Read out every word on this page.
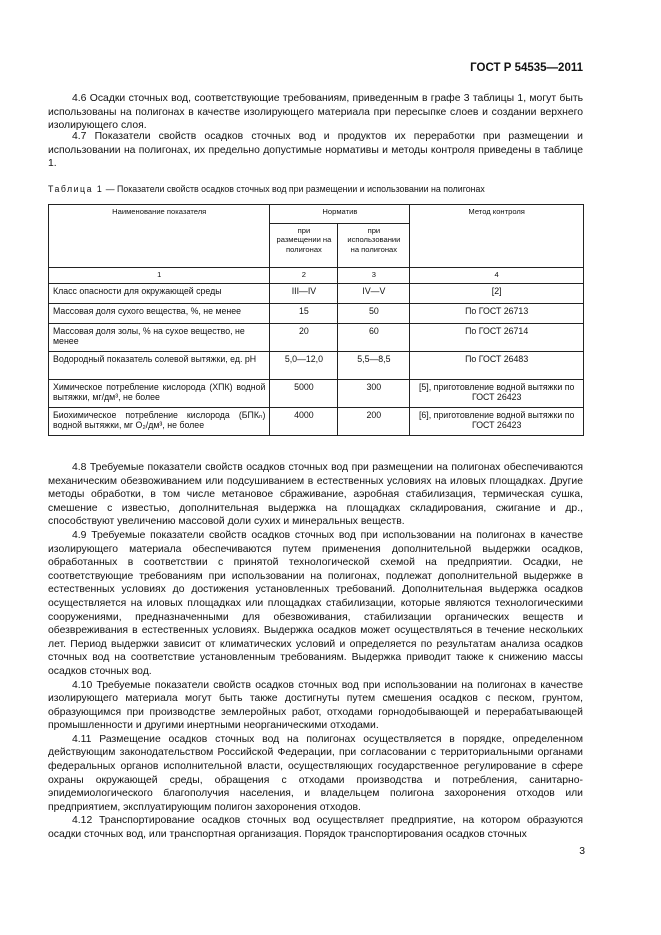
ГОСТ Р 54535—2011

4.6 Осадки сточных вод, соответствующие требованиям, приведенным в графе 3 таблицы 1, могут быть использованы на полигонах в качестве изолирующего материала при пересыпке слоев и создании верхнего изолирующего слоя.

4.7 Показатели свойств осадков сточных вод и продуктов их переработки при размещении и использовании на полигонах, их предельно допустимые нормативы и методы контроля приведены в таблице 1.

Таблица 1 — Показатели свойств осадков сточных вод при размещении и использовании на полигонах
Наименование показателя	Норматив		Метод контроля
	при размещении на полигонах	при использовании на полигонах	
1	2	3	4
Класс опасности для окружающей среды	III—IV	IV—V	[2]
Массовая доля сухого вещества, %, не менее	15	50	По ГОСТ 26713
Массовая доля золы, % на сухое вещество, не менее	20	60	По ГОСТ 26714
Водородный показатель солевой вытяжки, ед. pH	5,0—12,0	5,5—8,5	По ГОСТ 26483
Химическое потребление кислорода (ХПК) водной вытяжки, мг/дм³, не более	5000	300	[5], приготовление водной вытяжки по ГОСТ 26423
Биохимическое потребление кислорода (БПКₙ) водной вытяжки, мг O₂/дм³, не более	4000	200	[6], приготовление водной вытяжки по ГОСТ 26423

4.8 Требуемые показатели свойств осадков сточных вод при размещении на полигонах обеспечиваются механическим обезвоживанием или подсушиванием в естественных условиях на иловых площадках. Другие методы обработки, в том числе метановое сбраживание, аэробная стабилизация, термическая сушка, смешение с известью, дополнительная выдержка на площадках складирования, сжигание и др., способствуют увеличению массовой доли сухих и минеральных веществ.

4.9 Требуемые показатели свойств осадков сточных вод при использовании на полигонах в качестве изолирующего материала обеспечиваются путем применения дополнительной выдержки осадков, обработанных в соответствии с принятой технологической схемой на предприятии. Осадки, не соответствующие требованиям при использовании на полигонах, подлежат дополнительной выдержке в естественных условиях до достижения установленных требований. Дополнительная выдержка осадков осуществляется на иловых площадках или площадках стабилизации, которые являются технологическими сооружениями, предназначенными для обезвоживания, стабилизации органических веществ и обезвреживания в естественных условиях. Выдержка осадков может осуществляться в течение нескольких лет. Период выдержки зависит от климатических условий и определяется по результатам анализа осадков сточных вод на соответствие установленным требованиям. Выдержка приводит также к снижению массы осадков сточных вод.

4.10 Требуемые показатели свойств осадков сточных вод при использовании на полигонах в качестве изолирующего материала могут быть также достигнуты путем смешения осадков с песком, грунтом, образующимся при производстве землеройных работ, отходами горнодобывающей и перерабатывающей промышленности и другими инертными неорганическими отходами.

4.11 Размещение осадков сточных вод на полигонах осуществляется в порядке, определенном действующим законодательством Российской Федерации, при согласовании с территориальными органами федеральных органов исполнительной власти, осуществляющих государственное регулирование в сфере охраны окружающей среды, обращения с отходами производства и потребления, санитарно-эпидемиологического благополучия населения, и владельцем полигона захоронения отходов или предприятием, эксплуатирующим полигон захоронения отходов.

4.12 Транспортирование осадков сточных вод осуществляет предприятие, на котором образуются осадки сточных вод, или транспортная организация. Порядок транспортирования осадков сточных

3
